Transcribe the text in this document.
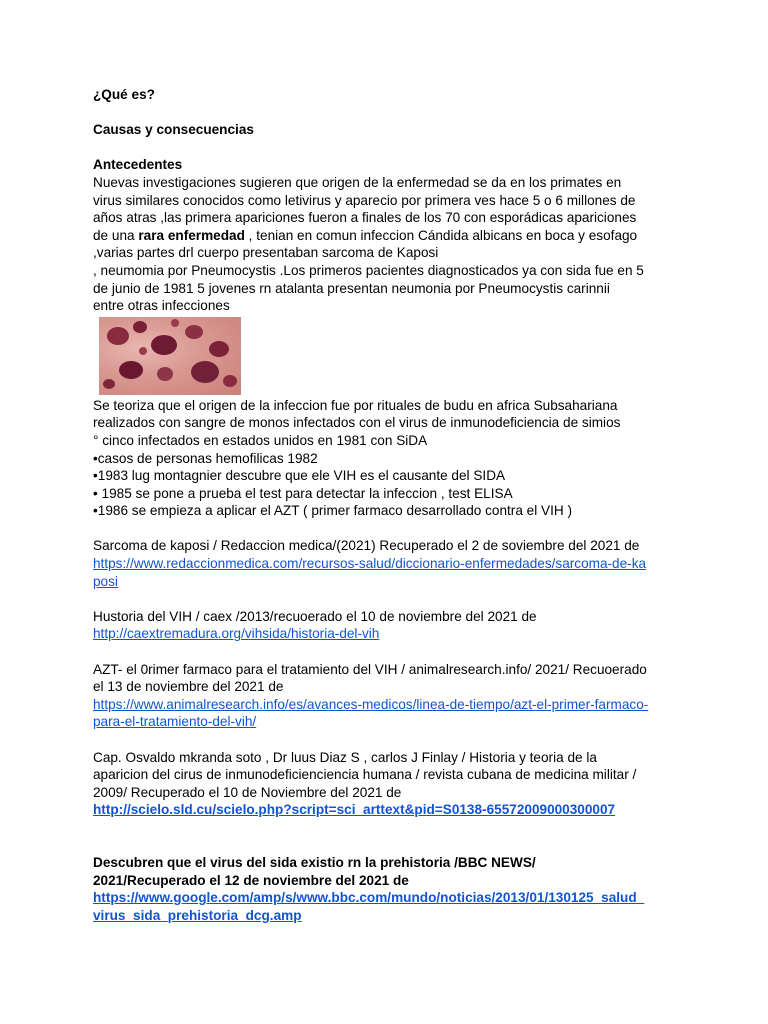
¿Qué es?
Causas y consecuencias
Antecedentes
Nuevas investigaciones sugieren que origen de la enfermedad se da en los primates en
virus similares conocidos como letivirus y aparecio por primera ves hace 5 o 6 millones de
años atras ,las primera apariciones fueron a finales de los 70 con esporádicas apariciones
de una rara enfermedad , tenian en comun infeccion Cándida albicans en boca y esofago
,varias partes drl cuerpo presentaban sarcoma de Kaposi
, neumomia por Pneumocystis .Los primeros pacientes diagnosticados ya con sida fue en 5
de junio de 1981 5 jovenes rn atalanta presentan neumonia por Pneumocystis carinnii
entre otras infecciones
Se teoriza que el origen de la infeccion fue por rituales de budu en africa Subsahariana
realizados con sangre de monos infectados con el virus de inmunodeficiencia de simios
° cinco infectados en estados unidos en 1981 con SiDA
•casos de personas hemofilicas 1982
•1983 lug montagnier descubre que ele VIH es el causante del SIDA
• 1985 se pone a prueba el test para detectar la infeccion , test ELISA
•1986 se empieza a aplicar el AZT ( primer farmaco desarrollado contra el VIH )
Sarcoma de kaposi / Redaccion medica/(2021) Recuperado el 2 de soviembre del 2021 de
https://www.redaccionmedica.com/recursos-salud/diccionario-enfermedades/sarcoma-de-ka
posi
Hustoria del VIH / caex /2013/recuoerado el 10 de noviembre del 2021 de
http://caextremadura.org/vihsida/historia-del-vih
AZT- el 0rimer farmaco para el tratamiento del VIH / animalresearch.info/ 2021/ Recuoerado
el 13 de noviembre del 2021 de
https://www.animalresearch.info/es/avances-medicos/linea-de-tiempo/azt-el-primer-farmaco-
para-el-tratamiento-del-vih/
Cap. Osvaldo mkranda soto , Dr luus Diaz S , carlos J Finlay / Historia y teoria de la
aparicion del cirus de inmunodeficienciencia humana / revista cubana de medicina militar /
2009/ Recuperado el 10 de Noviembre del 2021 de
http://scielo.sld.cu/scielo.php?script=sci_arttext&pid=S0138-65572009000300007
Descubren que el virus del sida existio rn la prehistoria /BBC NEWS/
2021/Recuperado el 12 de noviembre del 2021 de
https://www.google.com/amp/s/www.bbc.com/mundo/noticias/2013/01/130125_salud_
virus_sida_prehistoria_dcg.amp
